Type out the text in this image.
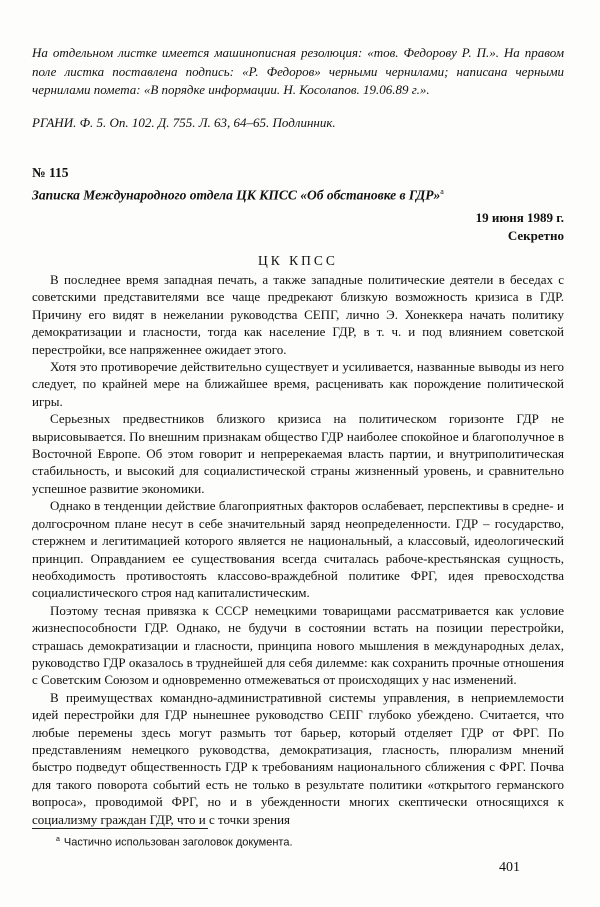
На отдельном листке имеется машинописная резолюция: «тов. Федорову Р. П.». На правом поле листка поставлена подпись: «Р. Федоров» черными чернилами; написана черными чернилами помета: «В порядке информации. Н. Косолапов. 19.06.89 г.».

РГАНИ. Ф. 5. Оп. 102. Д. 755. Л. 63, 64–65. Подлинник.
№ 115
Записка Международного отдела ЦК КПСС «Об обстановке в ГДР»$^a$
19 июня 1989 г.
Секретно
ЦК КПСС

В последнее время западная печать, а также западные политические деятели в беседах с советскими представителями все чаще предрекают близкую возможность кризиса в ГДР. Причину его видят в нежелании руководства СЕПГ, лично Э. Хонеккера начать политику демократизации и гласности, тогда как население ГДР, в т. ч. и под влиянием советской перестройки, все напряженнее ожидает этого.

Хотя это противоречие действительно существует и усиливается, названные выводы из него следует, по крайней мере на ближайшее время, расценивать как порождение политической игры.

Серьезных предвестников близкого кризиса на политическом горизонте ГДР не вырисовывается. По внешним признакам общество ГДР наиболее спокойное и благополучное в Восточной Европе. Об этом говорит и непререкаемая власть партии, и внутриполитическая стабильность, и высокий для социалистической страны жизненный уровень, и сравнительно успешное развитие экономики.

Однако в тенденции действие благоприятных факторов ослабевает, перспективы в средне- и долгосрочном плане несут в себе значительный заряд неопределенности. ГДР – государство, стержнем и легитимацией которого является не национальный, а классовый, идеологический принцип. Оправданием ее существования всегда считалась рабоче-крестьянская сущность, необходимость противостоять классово-враждебной политике ФРГ, идея превосходства социалистического строя над капиталистическим.

Поэтому тесная привязка к СССР немецкими товарищами рассматривается как условие жизнеспособности ГДР. Однако, не будучи в состоянии встать на позиции перестройки, страшась демократизации и гласности, принципа нового мышления в международных делах, руководство ГДР оказалось в труднейшей для себя дилемме: как сохранить прочные отношения с Советским Союзом и одновременно отмежеваться от происходящих у нас изменений.

В преимуществах командно-административной системы управления, в неприемлемости идей перестройки для ГДР нынешнее руководство СЕПГ глубоко убеждено. Считается, что любые перемены здесь могут размыть тот барьер, который отделяет ГДР от ФРГ. По представлениям немецкого руководства, демократизация, гласность, плюрализм мнений быстро подведут общественность ГДР к требованиям национального сближения с ФРГ. Почва для такого поворота событий есть не только в результате политики «открытого германского вопроса», проводимой ФРГ, но и в убежденности многих скептически относящихся к социализму граждан ГДР, что и с точки зрения

$^a$ Частично использован заголовок документа.
401
